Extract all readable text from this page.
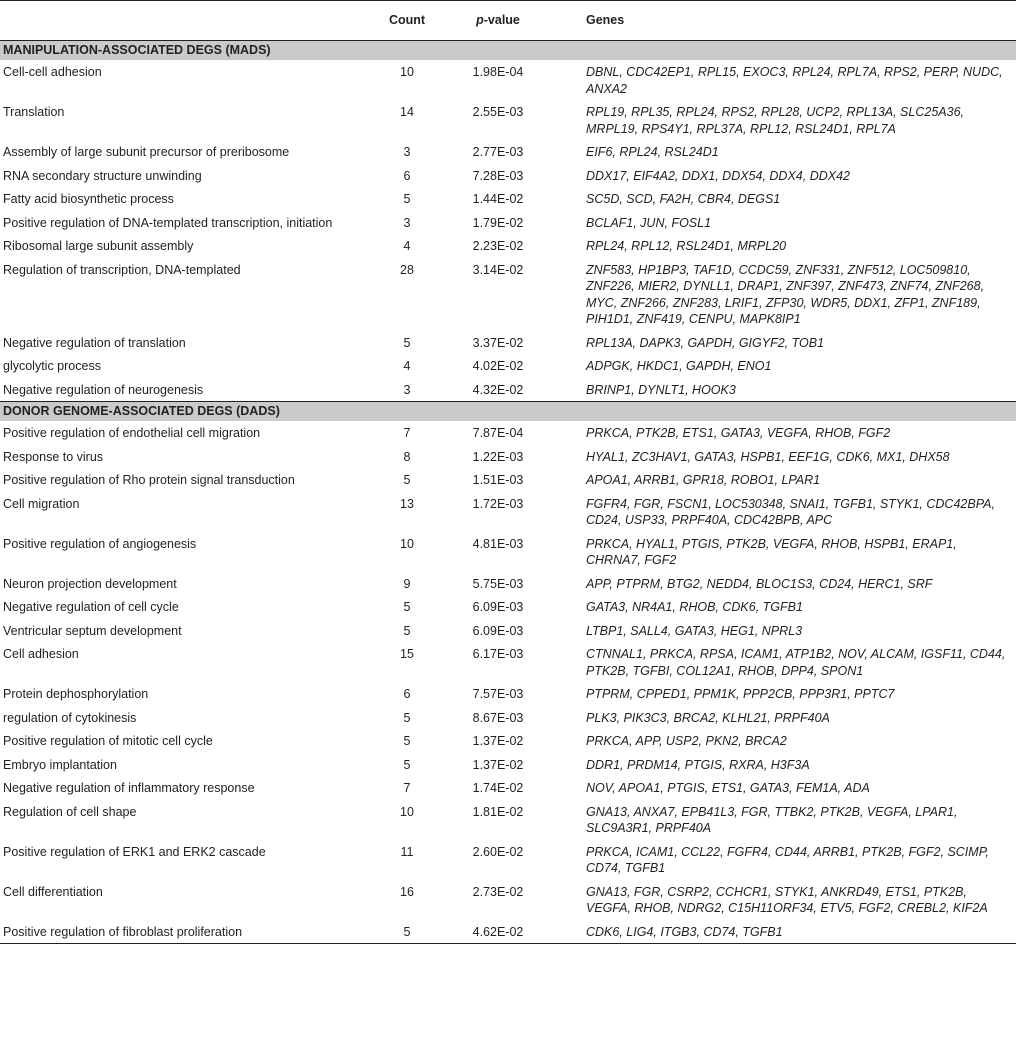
	Count	p-value	Genes
MANIPULATION-ASSOCIATED DEGS (MADS)			
Cell-cell adhesion	10	1.98E-04	DBNL, CDC42EP1, RPL15, EXOC3, RPL24, RPL7A, RPS2, PERP, NUDC, ANXA2
Translation	14	2.55E-03	RPL19, RPL35, RPL24, RPS2, RPL28, UCP2, RPL13A, SLC25A36, MRPL19, RPS4Y1, RPL37A, RPL12, RSL24D1, RPL7A
Assembly of large subunit precursor of preribosome	3	2.77E-03	EIF6, RPL24, RSL24D1
RNA secondary structure unwinding	6	7.28E-03	DDX17, EIF4A2, DDX1, DDX54, DDX4, DDX42
Fatty acid biosynthetic process	5	1.44E-02	SC5D, SCD, FA2H, CBR4, DEGS1
Positive regulation of DNA-templated transcription, initiation	3	1.79E-02	BCLAF1, JUN, FOSL1
Ribosomal large subunit assembly	4	2.23E-02	RPL24, RPL12, RSL24D1, MRPL20
Regulation of transcription, DNA-templated	28	3.14E-02	ZNF583, HP1BP3, TAF1D, CCDC59, ZNF331, ZNF512, LOC509810, ZNF226, MIER2, DYNLL1, DRAP1, ZNF397, ZNF473, ZNF74, ZNF268, MYC, ZNF266, ZNF283, LRIF1, ZFP30, WDR5, DDX1, ZFP1, ZNF189, PIH1D1, ZNF419, CENPU, MAPK8IP1
Negative regulation of translation	5	3.37E-02	RPL13A, DAPK3, GAPDH, GIGYF2, TOB1
glycolytic process	4	4.02E-02	ADPGK, HKDC1, GAPDH, ENO1
Negative regulation of neurogenesis	3	4.32E-02	BRINP1, DYNLT1, HOOK3
DONOR GENOME-ASSOCIATED DEGS (DADS)			
Positive regulation of endothelial cell migration	7	7.87E-04	PRKCA, PTK2B, ETS1, GATA3, VEGFA, RHOB, FGF2
Response to virus	8	1.22E-03	HYAL1, ZC3HAV1, GATA3, HSPB1, EEF1G, CDK6, MX1, DHX58
Positive regulation of Rho protein signal transduction	5	1.51E-03	APOA1, ARRB1, GPR18, ROBO1, LPAR1
Cell migration	13	1.72E-03	FGFR4, FGR, FSCN1, LOC530348, SNAI1, TGFB1, STYK1, CDC42BPA, CD24, USP33, PRPF40A, CDC42BPB, APC
Positive regulation of angiogenesis	10	4.81E-03	PRKCA, HYAL1, PTGIS, PTK2B, VEGFA, RHOB, HSPB1, ERAP1, CHRNA7, FGF2
Neuron projection development	9	5.75E-03	APP, PTPRM, BTG2, NEDD4, BLOC1S3, CD24, HERC1, SRF
Negative regulation of cell cycle	5	6.09E-03	GATA3, NR4A1, RHOB, CDK6, TGFB1
Ventricular septum development	5	6.09E-03	LTBP1, SALL4, GATA3, HEG1, NPRL3
Cell adhesion	15	6.17E-03	CTNNAL1, PRKCA, RPSA, ICAM1, ATP1B2, NOV, ALCAM, IGSF11, CD44, PTK2B, TGFBI, COL12A1, RHOB, DPP4, SPON1
Protein dephosphorylation	6	7.57E-03	PTPRM, CPPED1, PPM1K, PPP2CB, PPP3R1, PPTC7
regulation of cytokinesis	5	8.67E-03	PLK3, PIK3C3, BRCA2, KLHL21, PRPF40A
Positive regulation of mitotic cell cycle	5	1.37E-02	PRKCA, APP, USP2, PKN2, BRCA2
Embryo implantation	5	1.37E-02	DDR1, PRDM14, PTGIS, RXRA, H3F3A
Negative regulation of inflammatory response	7	1.74E-02	NOV, APOA1, PTGIS, ETS1, GATA3, FEM1A, ADA
Regulation of cell shape	10	1.81E-02	GNA13, ANXA7, EPB41L3, FGR, TTBK2, PTK2B, VEGFA, LPAR1, SLC9A3R1, PRPF40A
Positive regulation of ERK1 and ERK2 cascade	11	2.60E-02	PRKCA, ICAM1, CCL22, FGFR4, CD44, ARRB1, PTK2B, FGF2, SCIMP, CD74, TGFB1
Cell differentiation	16	2.73E-02	GNA13, FGR, CSRP2, CCHCR1, STYK1, ANKRD49, ETS1, PTK2B, VEGFA, RHOB, NDRG2, C15H11ORF34, ETV5, FGF2, CREBL2, KIF2A
Positive regulation of fibroblast proliferation	5	4.62E-02	CDK6, LIG4, ITGB3, CD74, TGFB1
